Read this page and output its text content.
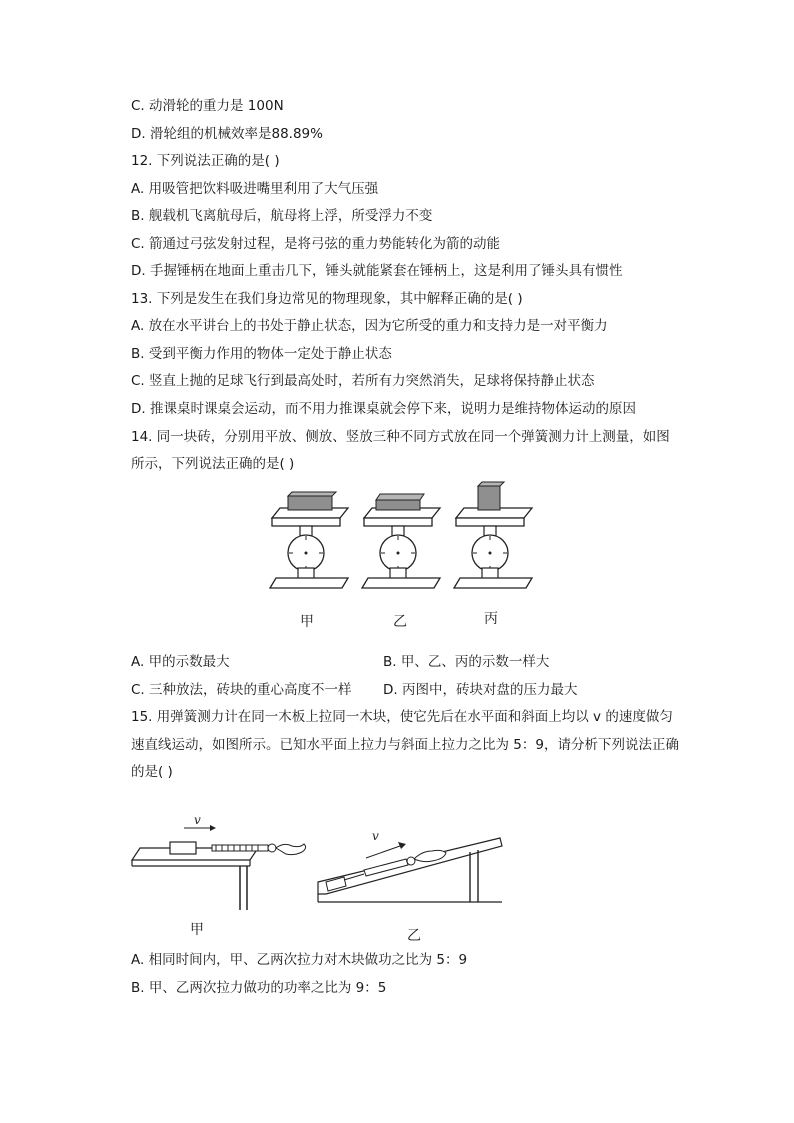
C. 动滑轮的重力是 100N
D. 滑轮组的机械效率是88.89%
12. 下列说法正确的是( )
A. 用吸管把饮料吸进嘴里利用了大气压强
B. 舰载机飞离航母后，航母将上浮，所受浮力不变
C. 箭通过弓弦发射过程，是将弓弦的重力势能转化为箭的动能
D. 手握锤柄在地面上重击几下，锤头就能紧套在锤柄上，这是利用了锤头具有惯性
13. 下列是发生在我们身边常见的物理现象，其中解释正确的是( )
A. 放在水平讲台上的书处于静止状态，因为它所受的重力和支持力是一对平衡力
B. 受到平衡力作用的物体一定处于静止状态
C. 竖直上抛的足球飞行到最高处时，若所有力突然消失，足球将保持静止状态
D. 推课桌时课桌会运动，而不用力推课桌就会停下来，说明力是维持物体运动的原因
14. 同一块砖，分别用平放、侧放、竖放三种不同方式放在同一个弹簧测力计上测量，如图
所示，下列说法正确的是( )
甲	乙	丙
A. 甲的示数最大	B. 甲、乙、丙的示数一样大
C. 三种放法，砖块的重心高度不一样 D. 丙图中，砖块对盘的压力最大
15. 用弹簧测力计在同一木板上拉同一木块，使它先后在水平面和斜面上均以 v 的速度做匀
速直线运动，如图所示。已知水平面上拉力与斜面上拉力之比为 5：9，请分析下列说法正确
的是( )
v
v
甲	乙
A. 相同时间内，甲、乙两次拉力对木块做功之比为 5：9
B. 甲、乙两次拉力做功的功率之比为 9：5
